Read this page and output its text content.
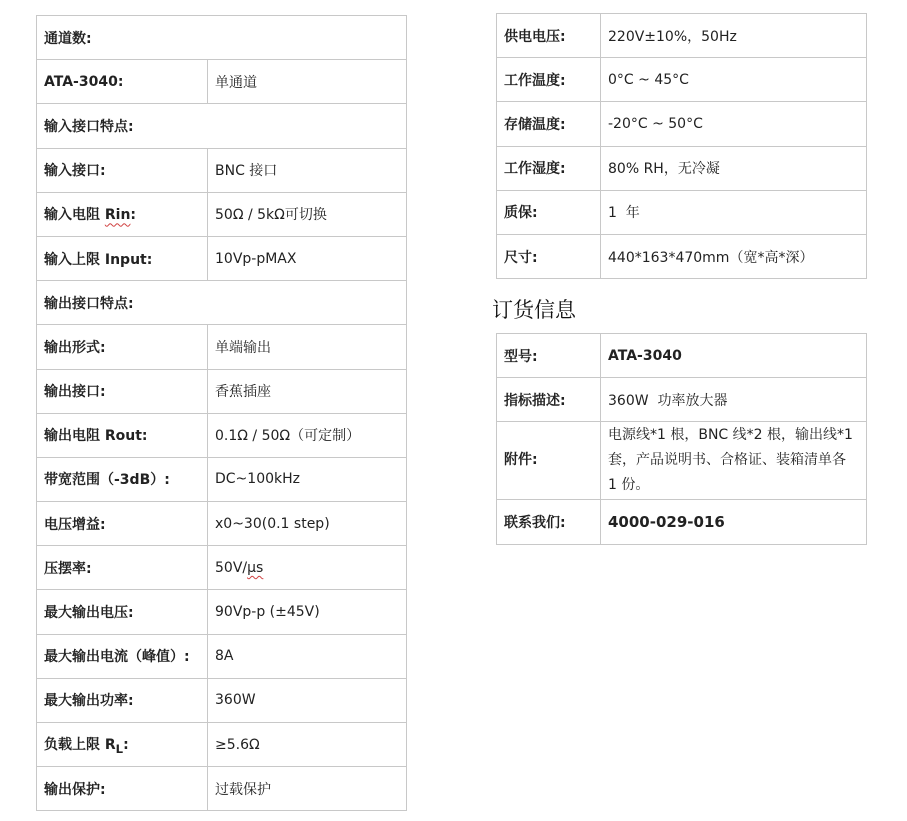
通道数:	
ATA-3040:	单通道
输入接口特点:	
输入接口:	BNC 接口
输入电阻 Rin:	50Ω / 5kΩ可切换
输入上限 Input:	10Vp-pMAX
输出接口特点:	
输出形式:	单端输出
输出接口:	香蕉插座
输出电阻 Rout:	0.1Ω / 50Ω（可定制）
带宽范围（-3dB）:	DC~100kHz
电压增益:	x0~30(0.1 step)
压摆率:	50V/μs
最大输出电压:	90Vp-p (±45V)
最大输出电流（峰值）:	8A
最大输出功率:	360W
负载上限 $R_L$:	≥5.6Ω
输出保护:	过载保护
供电电压:	220V±10%，50Hz
工作温度:	0°C ~ 45°C
存储温度:	-20°C ~ 50°C
工作湿度:	80% RH，无冷凝
质保:	1  年
尺寸:	440*163*470mm（宽*高*深）
订货信息
型号:	ATA-3040
指标描述:	360W  功率放大器
附件:	电源线*1 根，BNC 线*2 根，输出线*1 套，产品说明书、合格证、装箱清单各 1 份。
联系我们:	4000-029-016
